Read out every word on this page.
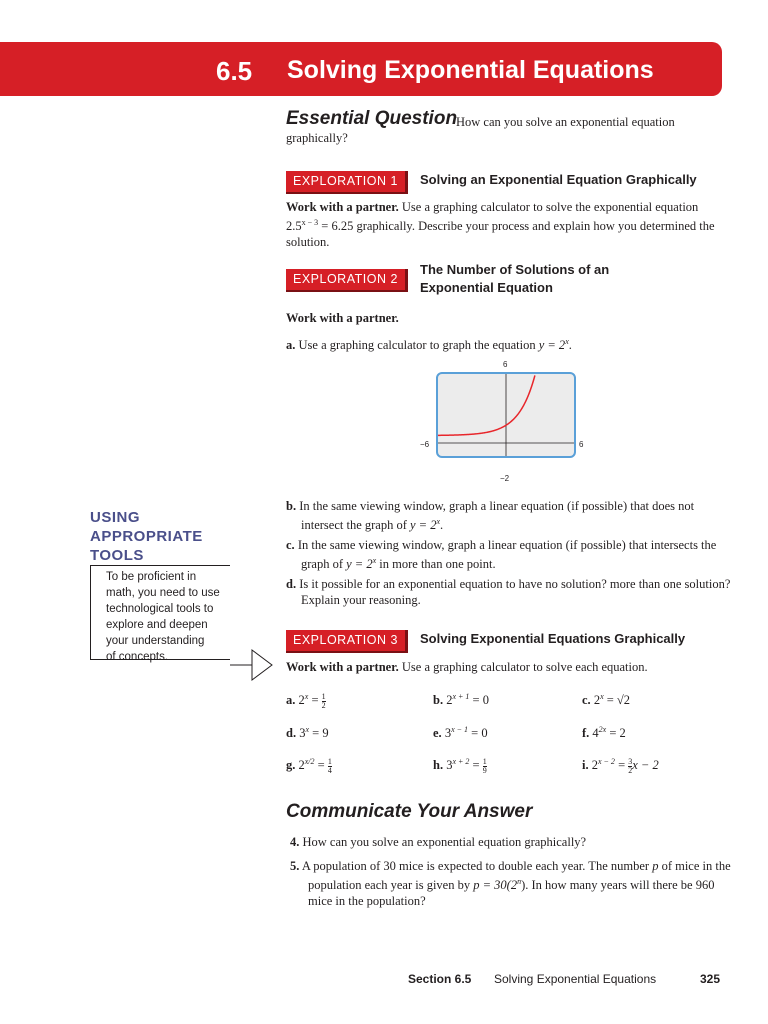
6.5 Solving Exponential Equations
Essential Question
How can you solve an exponential equation graphically?
EXPLORATION 1	Solving an Exponential Equation Graphically
Work with a partner. Use a graphing calculator to solve the exponential equation $2.5^{x - 3} = 6.25$ graphically. Describe your process and explain how you determined the solution.
EXPLORATION 2
The Number of Solutions of an
Exponential Equation
Work with a partner.
a. Use a graphing calculator to graph the equation $y = 2^x$.
6
−6	6
−2
b. In the same viewing window, graph a linear equation (if possible) that does not intersect the graph of $y = 2^x$.
c. In the same viewing window, graph a linear equation (if possible) that intersects the graph of $y = 2^x$ in more than one point.
d. Is it possible for an exponential equation to have no solution? more than one solution? Explain your reasoning.
USING
APPROPRIATE
TOOLS
To be proficient in
math, you need to use
technological tools to
explore and deepen
your understanding
of concepts.
EXPLORATION 3	Solving Exponential Equations Graphically
Work with a partner. Use a graphing calculator to solve each equation.
a. $2^x = \frac{1}{2}$	b. $2^{x + 1} = 0$	c. $2^x = √2$
d. $3^x = 9$	e. $3^{x - 1} = 0$	f. $4^{2x} = 2$
g. $2^{x/2} = \frac{1}{4}$	h. $3^{x + 2} = \frac{1}{9}$	i. $2^{x - 2} = \frac{3}{2}$ x − 2
Communicate Your Answer
4. How can you solve an exponential equation graphically?
5. A population of 30 mice is expected to double each year. The number p of mice in the population each year is given by $p = 30(2^n)$. In how many years will there be 960 mice in the population?
Section 6.5 Solving Exponential Equations	325
